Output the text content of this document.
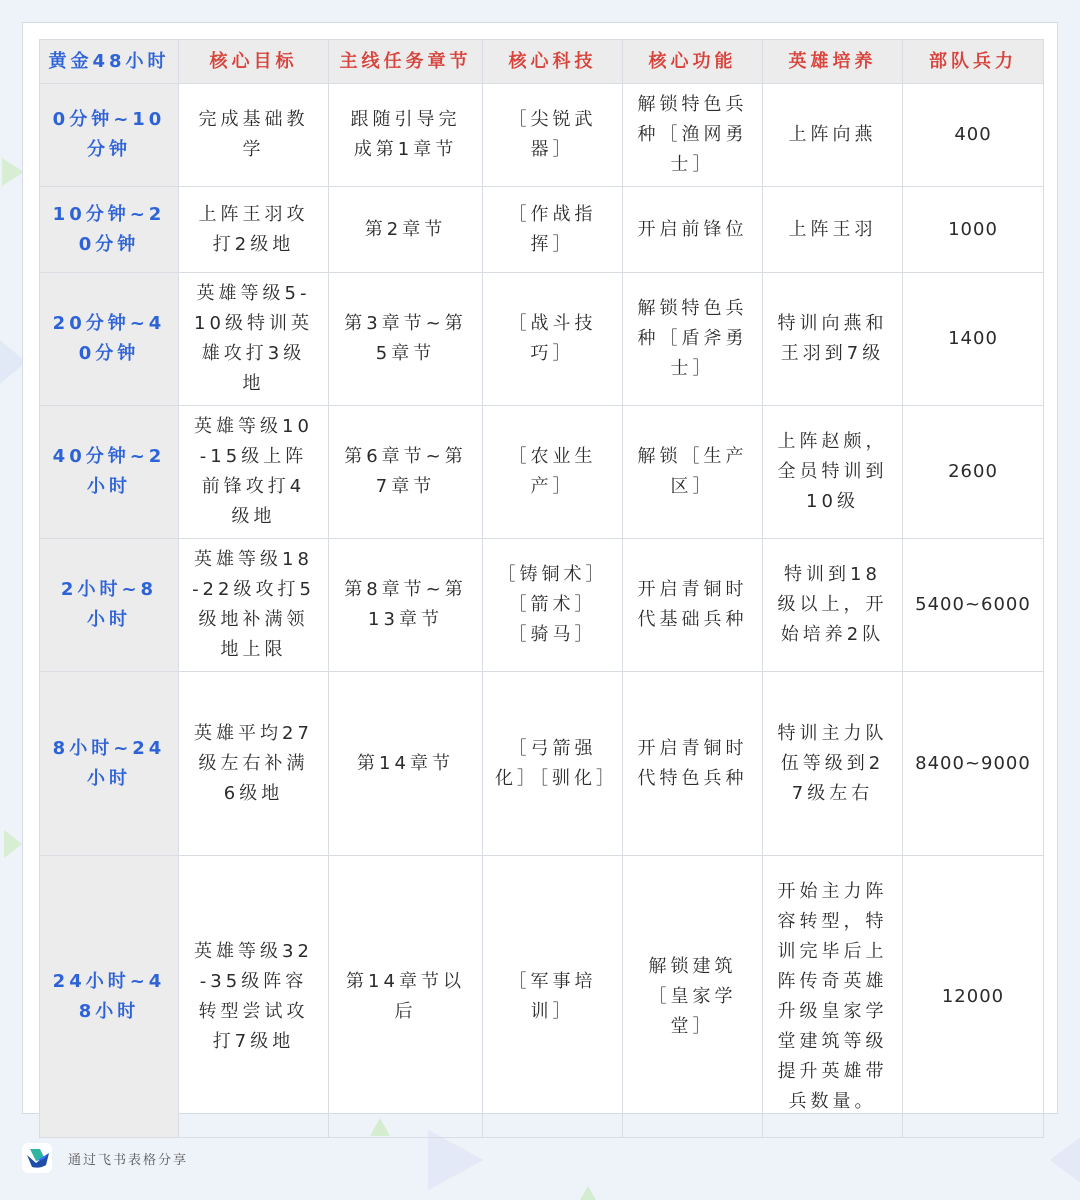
黄金48小时	核心目标	主线任务章节	核心科技	核心功能	英雄培养	部队兵力
0分钟~10分钟	完成基础教学	跟随引导完成第1章节	［尖锐武器］	解锁特色兵种［渔网勇士］	上阵向燕	400
10分钟~20分钟	上阵王羽攻打2级地	第2章节	［作战指挥］	开启前锋位	上阵王羽	1000
20分钟~40分钟	英雄等级5-10级特训英雄攻打3级地	第3章节~第5章节	［战斗技巧］	解锁特色兵种［盾斧勇士］	特训向燕和王羽到7级	1400
40分钟~2小时	英雄等级10-15级上阵前锋攻打4级地	第6章节~第7章节	［农业生产］	解锁［生产区］	上阵赵颇，全员特训到10级	2600
2小时~8小时	英雄等级18-22级攻打5级地补满领地上限	第8章节~第13章节	［铸铜术］［箭术］［骑马］	开启青铜时代基础兵种	特训到18级以上，开始培养2队	5400~6000
8小时~24小时	英雄平均27级左右补满6级地	第14章节	［弓箭强化］［驯化］	开启青铜时代特色兵种	特训主力队伍等级到27级左右	8400~9000
24小时~48小时	英雄等级32-35级阵容转型尝试攻打7级地	第14章节以后	［军事培训］	解锁建筑［皇家学堂］	开始主力阵容转型，特训完毕后上阵传奇英雄升级皇家学堂建筑等级提升英雄带兵数量。	12000
通过飞书表格分享
